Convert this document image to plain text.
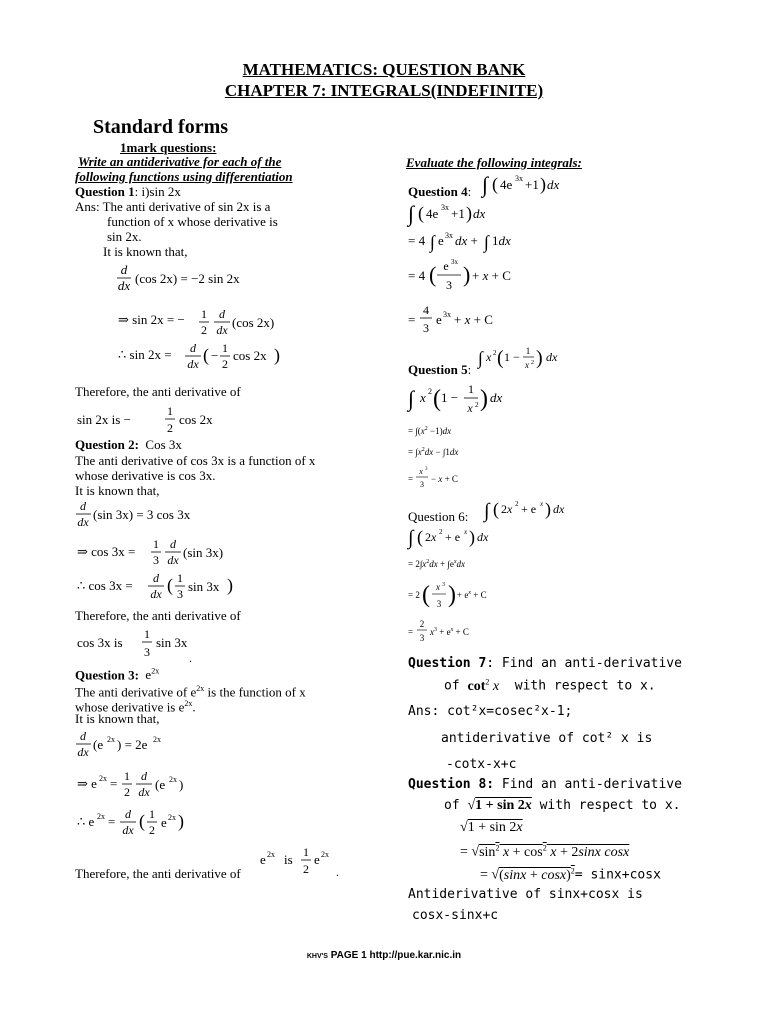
MATHEMATICS: QUESTION BANK
CHAPTER 7: INTEGRALS(INDEFINITE)
Standard forms
1mark questions:
Write an antiderivative for each of the
following functions using differentiation
Question 1: i)sin 2x
Ans: The anti derivative of sin 2x is a
function of x whose derivative is
sin 2x.
It is known that,
d
dx (cos 2x) = −2 sin 2x
⇒ sin 2x = − 1
2
d
dx (cos 2x)
∴ sin 2x = d
dx ( − 1
2
cos 2x )
Therefore, the anti derivative of
sin 2x is −
1
2
cos 2x
Question 2: Cos 3x
The anti derivative of cos 3x is a function of x
whose derivative is cos 3x.
It is known that,
d
dx (sin 3x) = 3 cos 3x
⇒ cos 3x = 1
3
d
dx (sin 3x)
∴ cos 3x = d
dx ( 1
3 sin 3x )
Therefore, the anti derivative of
cos 3x is
1
3
sin 3x
.
Question 3: $e^{2x}$
The anti derivative of $e^{2x}$ is the function of x
whose derivative is $e^{2x}$.
It is known that,
d
dx (e 2x ) = 2e 2x
⇒ e 2x = 1
2
d
dx (e 2x )
∴ e 2x = d
dx ( 1
2 e 2x )
e 2x is 1
2
e 2x
.
Therefore, the anti derivative of
Evaluate the following integrals:
Question 4: ∫ ( 4e 3x +1 ) dx
∫ ( 4e 3x +1 ) dx
= 4 ∫ e 3x dx + ∫ 1dx
= 4 ( e 3x
3 ) + x + C
=
4
3
e 3x + x + C
Question 5:
∫ x 2 ( 1 − 1
x 2 ) dx
∫ x 2 ( 1 −
1
x 2 ) dx
= $\int(x^2 -1)dx$
= $\int x^2dx - \int 1dx$
=
x 3
3
− x + C
Question 6: ∫ ( 2x 2 + e x ) dx
∫ ( 2x 2 + e x ) dx
= $2\int x^2dx + \int e^xdx$
= 2 ( x 3
3 ) + $e^x + C$
=
2
3
$x^3 + e^x + C$
Question 7: Find an anti-derivative
of $\cot^2 x$ with respect to x.
Ans: cot²x=cosec²x-1;
antiderivative of cot² x is
-cotx-x+c
Question 8: Find an anti-derivative
of √1 + sin 2x with respect to x.
√1 + sin 2x
= $√\sin^2$ $x + \cos^2 x + 2\sin x$ cosx
= $√(\sin x + \cos x)^2= \sin x+\cos x$
Antiderivative of sinx+cosx is
cosx-sinx+c
KHV'S PAGE 1 http://pue.kar.nic.in
